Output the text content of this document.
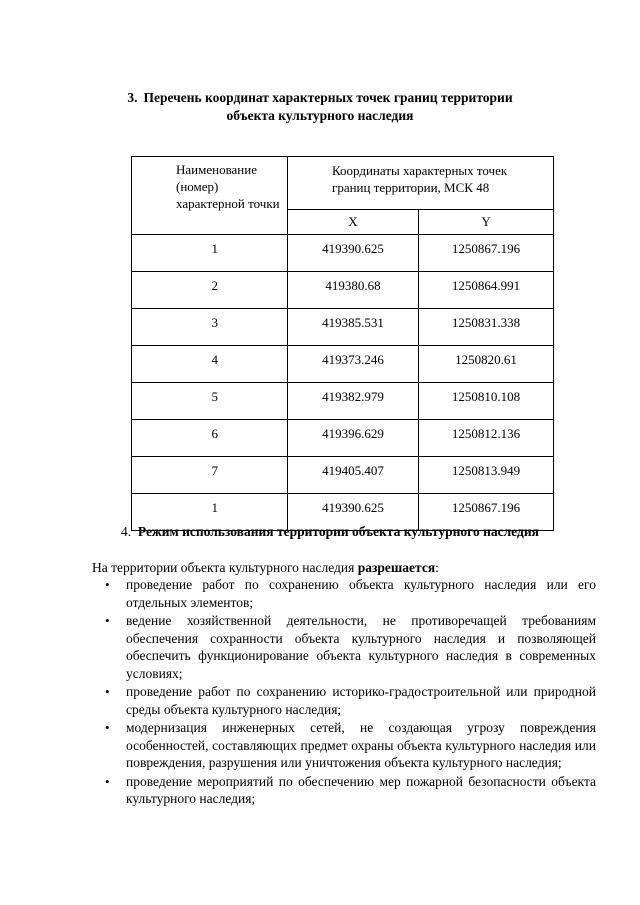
3. Перечень координат характерных точек границ территории
объекта культурного наследия
Наименование (номер) характерной точки	Координаты характерных точек границ территории, МСК 48	
	X	Y
1	419390.625	1250867.196
2	419380.68	1250864.991
3	419385.531	1250831.338
4	419373.246	1250820.61
5	419382.979	1250810.108
6	419396.629	1250812.136
7	419405.407	1250813.949
1	419390.625	1250867.196
4. Режим использования территории объекта культурного наследия
На территории объекта культурного наследия разрешается:
• проведение работ по сохранению объекта культурного наследия или его отдельных элементов;
• ведение хозяйственной деятельности, не противоречащей требованиям обеспечения сохранности объекта культурного наследия и позволяющей обеспечить функционирование объекта культурного наследия в современных условиях;
• проведение работ по сохранению историко-градостроительной или природной среды объекта культурного наследия;
• модернизация инженерных сетей, не создающая угрозу повреждения особенностей, составляющих предмет охраны объекта культурного наследия или повреждения, разрушения или уничтожения объекта культурного наследия;
• проведение мероприятий по обеспечению мер пожарной безопасности объекта культурного наследия;
